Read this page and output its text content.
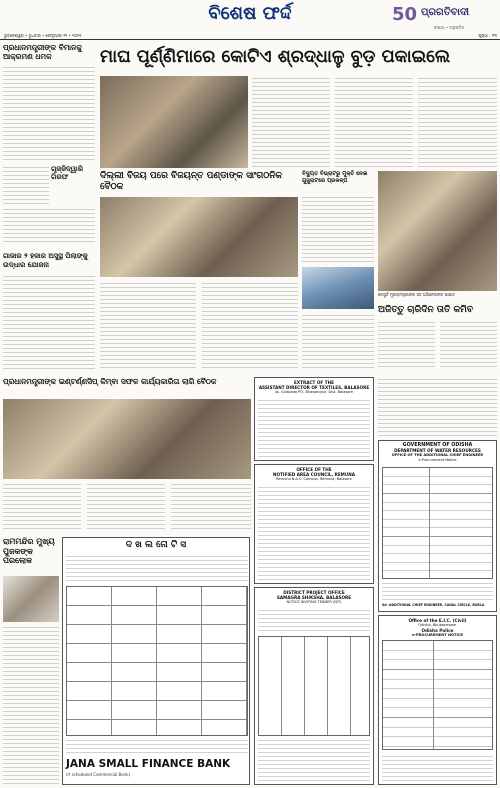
ବିଶେଷ ଫର୍ଦ୍ଦ	50 ପ୍ରଗତିବାଦୀ
ସଂଖ୍ୟା • ଅନୁପମିତ
ଭୁବନେଶ୍ୱର • ବୁଧବାର • ଫେବୃଆରୀ ୧୨ • ୨୦୨୫	ପୃଷ୍ଠା : ୧୩
ପ୍ରଧାନମନ୍ତ୍ରୀଙ୍କ ବିମାନକୁ ଆକ୍ରମଣ ଧମକ
ଗୃଜ୍ଜିଦ୍ୱାରି ଗିରଫ
ଗାଜାର ୨ ହଜାର ଅସୁସ୍ଥ ପିଲାଙ୍କୁ ଉଦ୍ଧାର ଯୋଜନା
ମାଘ ପୂର୍ଣ୍ଣିମାରେ କୋଟିଏ ଶ୍ରଦ୍ଧାଳୁ ବୁଡ଼ ପକାଇଲେ
ଦିଲ୍ଲୀ ବିଜୟ ପରେ ବିଜୟନ୍ତ ପଣ୍ଡାଙ୍କ ସାଂଗଠନିକ ବୈଠକ
ବିଦ୍ୟୁତ ବିଭ୍ରାଟରୁ ମୁକ୍ତି ନେଇ ଗୁଜୁରାଟରେ ପ୍ରକଳ୍ପ
ଡେପୁଟି ମୁଖ୍ୟମନ୍ତ୍ରୀଙ୍କ ସହ ଅଭିନେତାଙ୍କ ସାକ୍ଷାତ
ଅଜିତ୍ତୁ ଚାରିଦିନ ତାତି କମିବ
ପ୍ରଧାନମନ୍ତ୍ରୀଙ୍କ ଇଣ୍ଟର୍ଣ୍ଣସିପ୍ କିମ୍ବା ସଫଳ କାର୍ଯ୍ୟକାରିତା ଲାଗି ବୈଠକ
ରାମମନ୍ଦିର ମୁଖ୍ୟ ପୁଜକଙ୍କ ପରଲୋକ
ଦ ଖ ଲ ନୋ ଟି ସ
JANA SMALL FINANCE BANK
(A scheduled Commercial Bank)
EXTRACT OF THE
ASSISTANT DIRECTOR OF TEXTILES, BALASORE
At- Gudpada PO- Bhawanipur, Dist- Balasore
OFFICE OF THE
NOTIFIED AREA COUNCIL, REMUNA
Remuna N.A.C. Campus, Remuna, Balasore
DISTRICT PROJECT OFFICE
SAMAGRA SHIKSHA, BALASORE
NOTICE INVITING TENDER (NIT)
GOVERNMENT OF ODISHA
DEPARTMENT OF WATER RESOURCES
OFFICE OF THE ADDITIONAL CHIEF ENGINEER
e-Procurement Notice
Sd- ADDITIONAL CHIEF ENGINEER, CANAL CIRCLE, BURLA
Office of the E.I.C. (Civil)
Odisha, Bhubaneswar
Odisha Police
e-PROCUREMENT NOTICE
